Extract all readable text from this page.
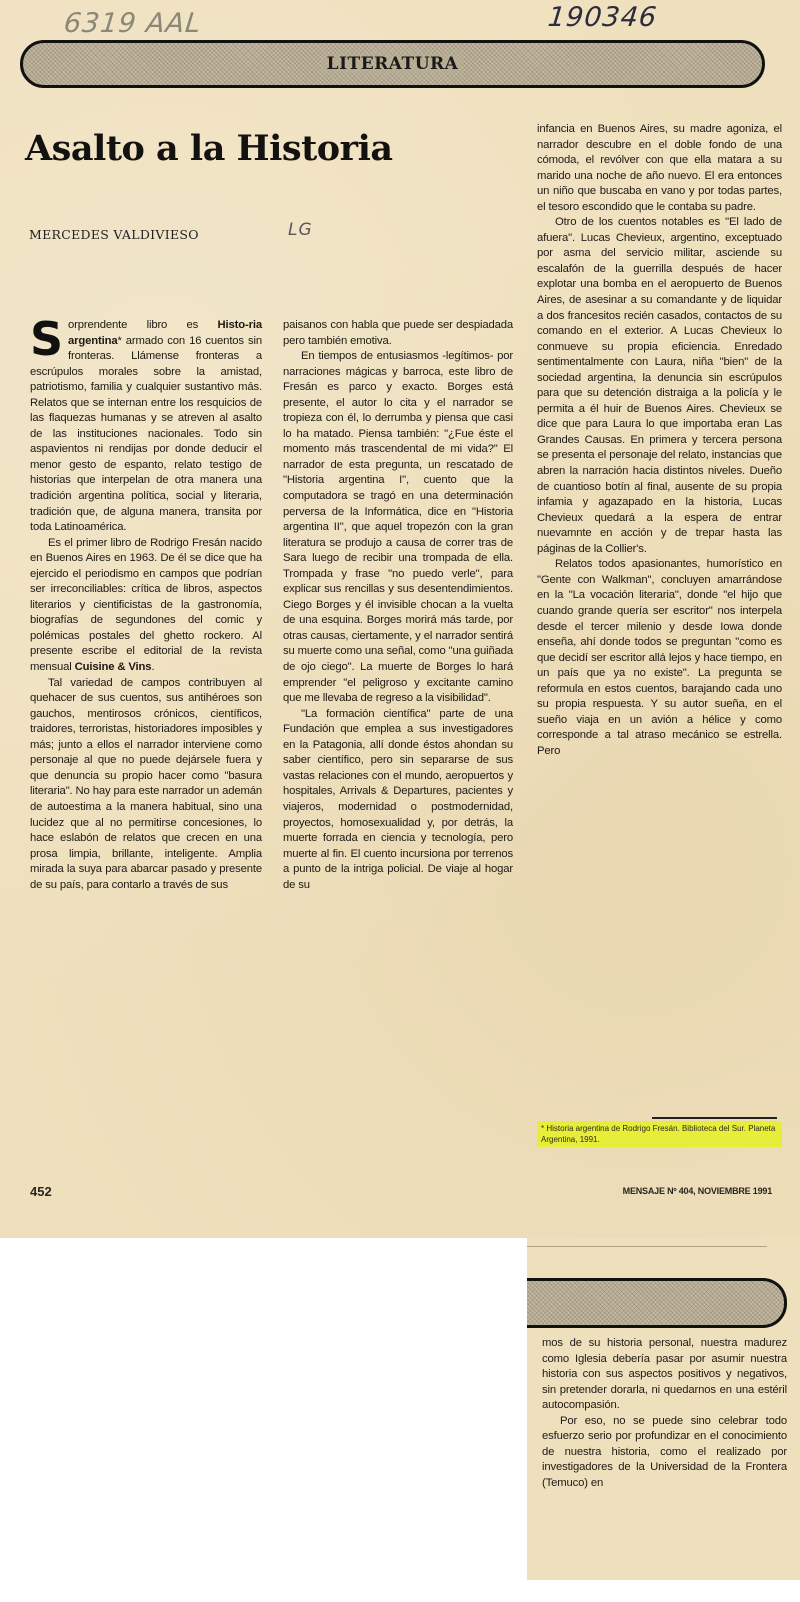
6319 AAL	190346
LITERATURA
Asalto a la Historia
MERCEDES VALDIVIESO	LG
S orprendente libro es Histo-ria argentina* armado con 16 cuentos sin fronteras. Llámense fronteras a escrúpulos morales sobre la amistad, patriotismo, familia y cualquier sustantivo más. Relatos que se internan entre los resquicios de las flaquezas humanas y se atreven al asalto de las instituciones nacionales. Todo sin aspavientos ni rendijas por donde deducir el menor gesto de espanto, relato testigo de historias que interpelan de otra manera una tradición argentina política, social y literaria, tradición que, de alguna manera, transita por toda Latinoamérica.

Es el primer libro de Rodrigo Fresán nacido en Buenos Aires en 1963. De él se dice que ha ejercido el periodismo en campos que podrían ser irreconciliables: crítica de libros, aspectos literarios y cientificistas de la gastronomía, biografías de segundones del comic y polémicas postales del ghetto rockero. Al presente escribe el editorial de la revista mensual Cuisine & Vins.

Tal variedad de campos contribuyen al quehacer de sus cuentos, sus antihéroes son gauchos, mentirosos crónicos, científicos, traidores, terroristas, historiadores imposibles y más; junto a ellos el narrador interviene como personaje al que no puede dejársele fuera y que denuncia su propio hacer como "basura literaria". No hay para este narrador un ademán de autoestima a la manera habitual, sino una lucidez que al no permitirse concesiones, lo hace eslabón de relatos que crecen en una prosa limpia, brillante, inteligente. Amplia mirada la suya para abarcar pasado y presente de su país, para contarlo a través de sus

paisanos con habla que puede ser despiadada pero también emotiva.

En tiempos de entusiasmos -legítimos- por narraciones mágicas y barroca, este libro de Fresán es parco y exacto. Borges está presente, el autor lo cita y el narrador se tropieza con él, lo derrumba y piensa que casi lo ha matado. Piensa también: "¿Fue éste el momento más trascendental de mi vida?" El narrador de esta pregunta, un rescatado de "Historia argentina I", cuento que la computadora se tragó en una determinación perversa de la Informática, dice en "Historia argentina II", que aquel tropezón con la gran literatura se produjo a causa de correr tras de Sara luego de recibir una trompada de ella. Trompada y frase "no puedo verle", para explicar sus rencillas y sus desentendimientos. Ciego Borges y él invisible chocan a la vuelta de una esquina. Borges morirá más tarde, por otras causas, ciertamente, y el narrador sentirá su muerte como una señal, como "una guiñada de ojo ciego". La muerte de Borges lo hará emprender "el peligroso y excitante camino que me llevaba de regreso a la visibilidad".

"La formación científica" parte de una Fundación que emplea a sus investigadores en la Patagonia, allí donde éstos ahondan su saber científico, pero sin separarse de sus vastas relaciones con el mundo, aeropuertos y hospitales, Arrivals & Departures, pacientes y viajeros, modernidad o postmodernidad, proyectos, homosexualidad y, por detrás, la muerte forrada en ciencia y tecnología, pero muerte al fin. El cuento incursiona por terrenos a punto de la intriga policial. De viaje al hogar de su

infancia en Buenos Aires, su madre agoniza, el narrador descubre en el doble fondo de una cómoda, el revólver con que ella matara a su marido una noche de año nuevo. El era entonces un niño que buscaba en vano y por todas partes, el tesoro escondido que le contaba su padre.

Otro de los cuentos notables es "El lado de afuera". Lucas Chevieux, argentino, exceptuado por asma del servicio militar, asciende su escalafón de la guerrilla después de hacer explotar una bomba en el aeropuerto de Buenos Aires, de asesinar a su comandante y de liquidar a dos francesitos recién casados, contactos de su comando en el exterior. A Lucas Chevieux lo conmueve su propia eficiencia. Enredado sentimentalmente con Laura, niña "bien" de la sociedad argentina, la denuncia sin escrúpulos para que su detención distraiga a la policía y le permita a él huir de Buenos Aires. Chevieux se dice que para Laura lo que importaba eran Las Grandes Causas. En primera y tercera persona se presenta el personaje del relato, instancias que abren la narración hacia distintos niveles. Dueño de cuantioso botín al final, ausente de su propia infamia y agazapado en la historia, Lucas Chevieux quedará a la espera de entrar nuevamnte en acción y de trepar hasta las páginas de la Collier's.

Relatos todos apasionantes, humorístico en "Gente con Walkman", concluyen amarrándose en la "La vocación literaria", donde "el hijo que cuando grande quería ser escritor" nos interpela desde el tercer milenio y desde Iowa donde enseña, ahí donde todos se preguntan "como es que decidí ser escritor allá lejos y hace tiempo, en un país que ya no existe". La pregunta se reformula en estos cuentos, barajando cada uno su propia respuesta. Y su autor sueña, en el sueño viaja en un avión a hélice y como corresponde a tal atraso mecánico se estrella. Pero

* Historia argentina de Rodrigo Fresán. Biblioteca del Sur. Planeta Argentina, 1991.
452	MENSAJE Nº 404, NOVIEMBRE 1991

mos de su historia personal, nuestra madurez como Iglesia debería pasar por asumir nuestra historia con sus aspectos positivos y negativos, sin pretender dorarla, ni quedarnos en una estéril autocompasión.

Por eso, no se puede sino celebrar todo esfuerzo serio por profundizar en el conocimiento de nuestra historia, como el realizado por investigadores de la Universidad de la Frontera (Temuco) en
